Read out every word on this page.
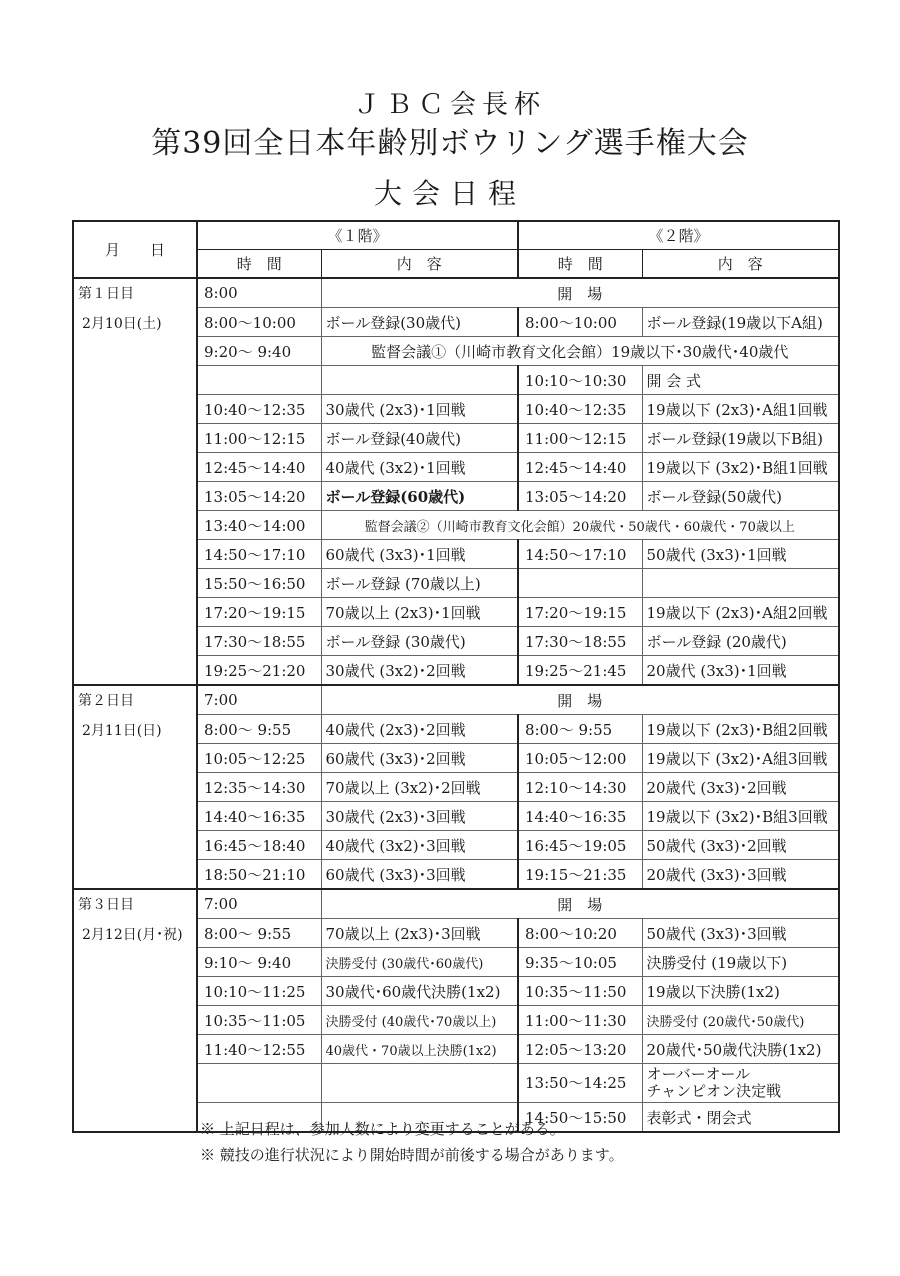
ＪＢＣ会長杯
第39回全日本年齢別ボウリング選手権大会
大会日程
月　　日	《１階》		《２階》	
	時　間	内　容	時　間	内　容

第１日目
2月10日(土)	8:00	開　場		
	8:00～10:00	ボール登録(30歳代)	8:00～10:00	ボール登録(19歳以下A組)

	9:20～ 9:40	監督会議①（川崎市教育文化会館）19歳以下･30歳代･40歳代		
			10:10～10:30	開 会 式

	10:40～12:35	30歳代 (2x3)･1回戦	10:40～12:35	19歳以下 (2x3)･A組1回戦

	11:00～12:15	ボール登録(40歳代)	11:00～12:15	ボール登録(19歳以下B組)

	12:45～14:40	40歳代 (3x2)･1回戦	12:45～14:40	19歳以下 (3x2)･B組1回戦

	13:05～14:20	ボール登録(60歳代)	13:05～14:20	ボール登録(50歳代)

	13:40～14:00	監督会議②（川崎市教育文化会館）20歳代・50歳代・60歳代・70歳以上		
	14:50～17:10	60歳代 (3x3)･1回戦	14:50～17:10	50歳代 (3x3)･1回戦

	15:50～16:50	ボール登録 (70歳以上)		
	17:20～19:15	70歳以上 (2x3)･1回戦	17:20～19:15	19歳以下 (2x3)･A組2回戦

	17:30～18:55	ボール登録 (30歳代)	17:30～18:55	ボール登録 (20歳代)

	19:25～21:20	30歳代 (3x2)･2回戦	19:25～21:45	20歳代 (3x3)･1回戦

第２日目
2月11日(日)	7:00	開　場		
	8:00～ 9:55	40歳代 (2x3)･2回戦	8:00～ 9:55	19歳以下 (2x3)･B組2回戦

	10:05～12:25	60歳代 (3x3)･2回戦	10:05～12:00	19歳以下 (3x2)･A組3回戦

	12:35～14:30	70歳以上 (3x2)･2回戦	12:10～14:30	20歳代 (3x3)･2回戦

	14:40～16:35	30歳代 (2x3)･3回戦	14:40～16:35	19歳以下 (3x2)･B組3回戦

	16:45～18:40	40歳代 (3x2)･3回戦	16:45～19:05	50歳代 (3x3)･2回戦

	18:50～21:10	60歳代 (3x3)･3回戦	19:15～21:35	20歳代 (3x3)･3回戦

第３日目
2月12日(月･祝)	7:00	開　場		
	8:00～ 9:55	70歳以上 (2x3)･3回戦	8:00～10:20	50歳代 (3x3)･3回戦

	9:10～ 9:40	決勝受付 (30歳代･60歳代)	9:35～10:05	決勝受付 (19歳以下)

	10:10～11:25	30歳代･60歳代決勝(1x2)	10:35～11:50	19歳以下決勝(1x2)

	10:35～11:05	決勝受付 (40歳代･70歳以上)	11:00～11:30	決勝受付 (20歳代･50歳代)

	11:40～12:55	40歳代・70歳以上決勝(1x2)	12:05～13:20	20歳代･50歳代決勝(1x2)

			13:50～14:25	オーバーオール
チャンピオン決定戦

			14:50～15:50	表彰式・閉会式
※ 上記日程は、参加人数により変更することがある。
※ 競技の進行状況により開始時間が前後する場合があります。
